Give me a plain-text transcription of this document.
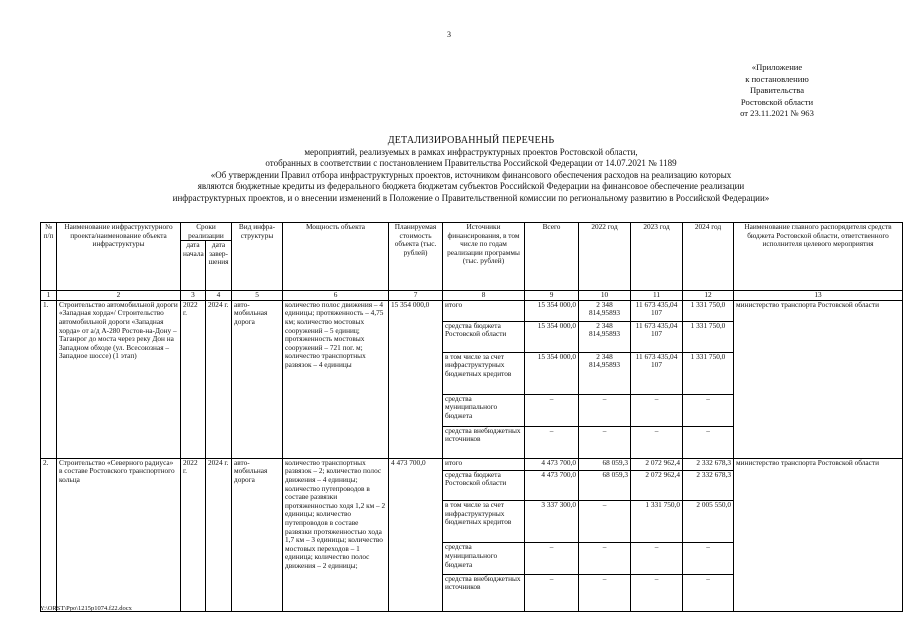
3
«Приложение
к постановлению
Правительства
Ростовской области
от 23.11.2021 № 963
ДЕТАЛИЗИРОВАННЫЙ ПЕРЕЧЕНЬ
мероприятий, реализуемых в рамках инфраструктурных проектов Ростовской области,
отобранных в соответствии с постановлением Правительства Российской Федерации от 14.07.2021 № 1189
«Об утверждении Правил отбора инфраструктурных проектов, источником финансового обеспечения расходов на реализацию которых
являются бюджетные кредиты из федерального бюджета бюджетам субъектов Российской Федерации на финансовое обеспечение реализации
инфраструктурных проектов, и о внесении изменений в Положение о Правительственной комиссии по региональному развитию в Российской Федерации»
№ п/п	Наименование инфраструктурного проекта/наименование объекта инфраструктуры	Сроки реализации		Вид инфра-структуры	Мощность объекта	Планируемая стоимость объекта (тыс. рублей)	Источники финансирования, в том числе по годам реализации программы (тыс. рублей)	Всего	2022 год	2023 год	2024 год	Наименование главного распорядителя средств бюджета Ростовской области, ответственного исполнителя целевого мероприятия
		дата начала	дата завер-шения									
1	2	3	4	5	6	7	8	9	10	11	12	13
1.	Строительство автомобильной дороги «Западная хорда»/ Строительство автомобильной дороги «Западная хорда» от а/д А-280 Ростов-на-Дону – Таганрог до моста через реку Дон на Западном обходе (ул. Всесоюзная – Западное шоссе) (1 этап)	2022 г.	2024 г.	авто-мобильная дорога	количество полос движения – 4 единицы; протяженность – 4,75 км; количество мостовых сооружений – 5 единиц; протяженность мостовых сооружений – 721 пог. м; количество транспортных развязок – 4 единицы	15 354 000,0	итого	15 354 000,0	2 348 814,95893	11 673 435,04 107	1 331 750,0	министерство транспорта Ростовской области
							средства бюджета Ростовской области	15 354 000,0	2 348 814,95893	11 673 435,04 107	1 331 750,0	
							в том числе за счет инфраструктурных бюджетных кредитов	15 354 000,0	2 348 814,95893	11 673 435,04 107	1 331 750,0	
							средства муниципального бюджета	–	–	–	–	
							средства внебюджетных источников	–	–	–	–	
2.	Строительство «Северного радиуса» в составе Ростовского транспортного кольца	2022 г.	2024 г.	авто-мобильная дорога	количество транспортных развязок – 2; количество полос движения – 4 единицы; количество путепроводов в составе развязки протяженностью ходя 1,2 км – 2 единицы; количество путепроводов в составе развязки протяженностью хода 1,7 км – 3 единицы; количество мостовых переходов – 1 единица; количество полос движения – 2 единицы;	4 473 700,0	итого	4 473 700,0	68 059,3	2 072 962,4	2 332 678,3	министерство транспорта Ростовской области
							средства бюджета Ростовской области	4 473 700,0	68 059,3	2 072 962,4	2 332 678,3	
							в том числе за счет инфраструктурных бюджетных кредитов	3 337 300,0	–	1 331 750,0	2 005 550,0	
							средства муниципального бюджета	–	–	–	–	
							средства внебюджетных источников	–	–	–	–	
Y:\ORST\Ppo\1215p1074.f22.docx
